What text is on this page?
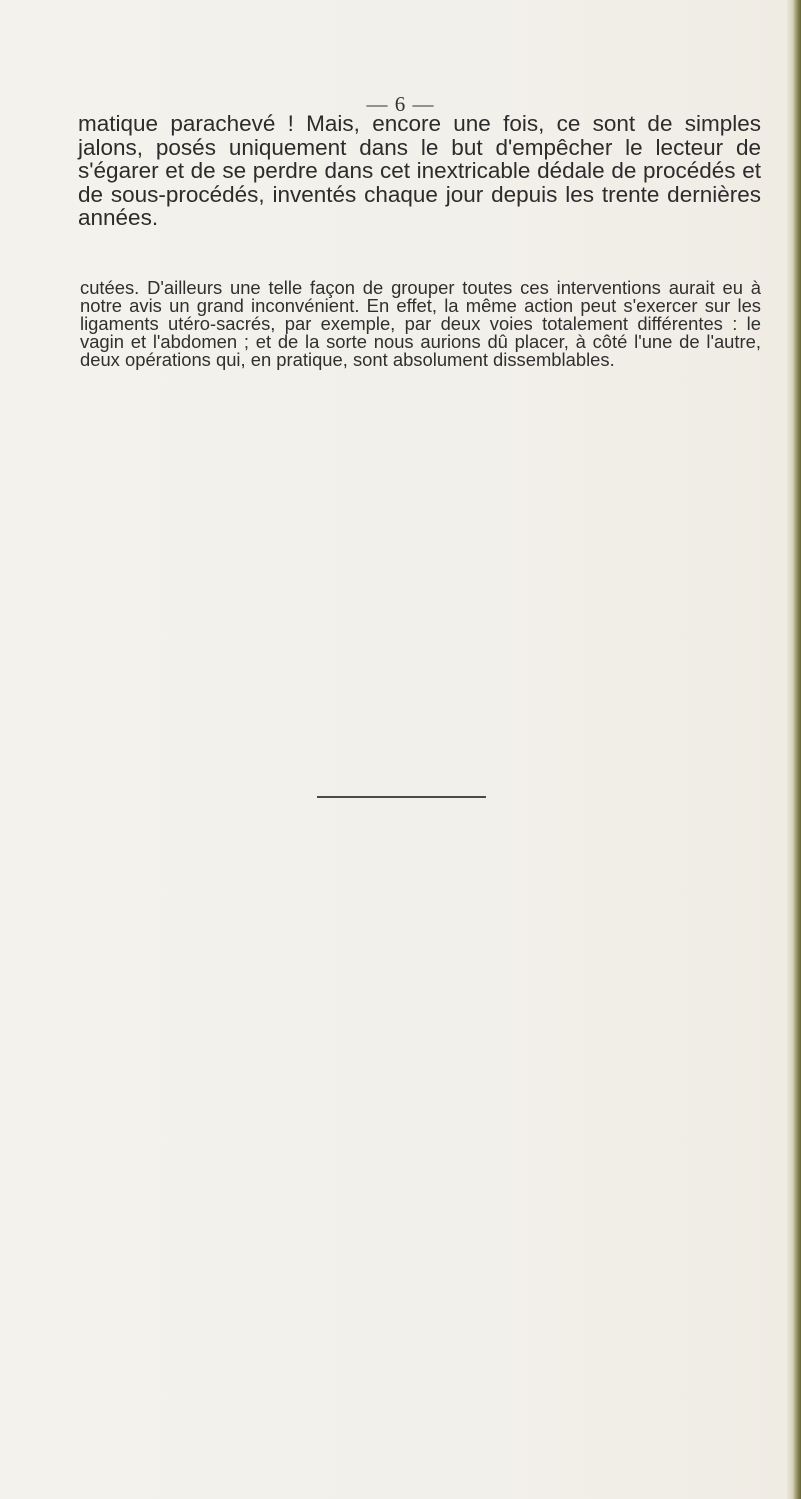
— 6 —

matique parachevé ! Mais, encore une fois, ce sont de simples jalons, posés uniquement dans le but d'empêcher le lecteur de s'égarer et de se perdre dans cet inextricable dédale de procédés et de sous-procédés, inventés chaque jour depuis les trente dernières années.

cutées. D'ailleurs une telle façon de grouper toutes ces interventions aurait eu à notre avis un grand inconvénient. En effet, la même action peut s'exercer sur les ligaments utéro-sacrés, par exemple, par deux voies totalement différentes : le vagin et l'abdomen ; et de la sorte nous aurions dû placer, à côté l'une de l'autre, deux opérations qui, en pratique, sont absolument dissemblables.
